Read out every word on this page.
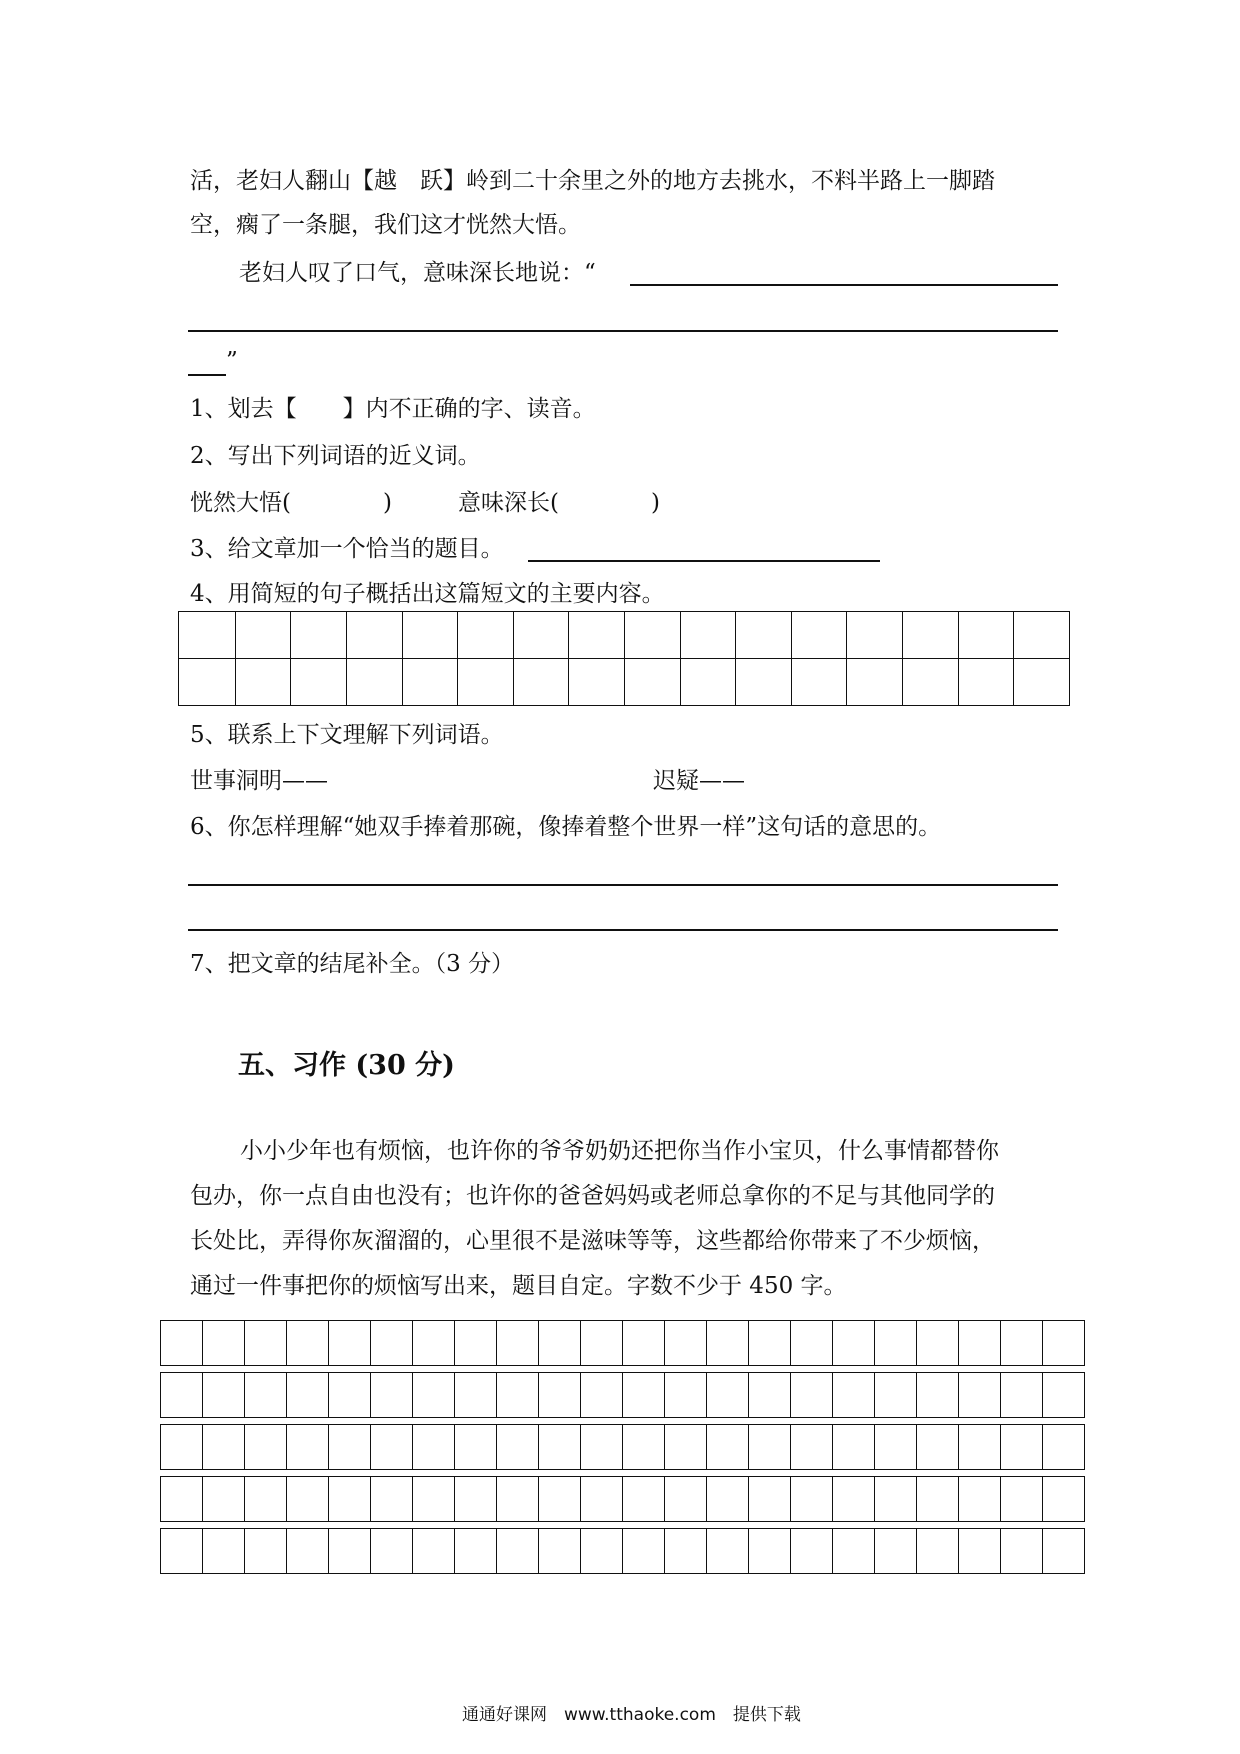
活，老妇人翻山【越　跃】岭到二十余里之外的地方去挑水，不料半路上一脚踏
空，瘸了一条腿，我们这才恍然大悟。
老妇人叹了口气，意味深长地说：“
”
1、划去【　　】内不正确的字、读音。
2、写出下列词语的近义词。
恍然大悟(　　　　)	意味深长(　　　　)
3、给文章加一个恰当的题目。
4、用简短的句子概括出这篇短文的主要内容。

5、联系上下文理解下列词语。
世事洞明——	迟疑——
6、你怎样理解“她双手捧着那碗，像捧着整个世界一样”这句话的意思的。
7、把文章的结尾补全。（3 分）
五、习作 (30 分)
小小少年也有烦恼，也许你的爷爷奶奶还把你当作小宝贝，什么事情都替你
包办，你一点自由也没有；也许你的爸爸妈妈或老师总拿你的不足与其他同学的
长处比，弄得你灰溜溜的，心里很不是滋味等等，这些都给你带来了不少烦恼，
通过一件事把你的烦恼写出来，题目自定。字数不少于 450 字。
通通好课网　www.tthaoke.com　提供下载
